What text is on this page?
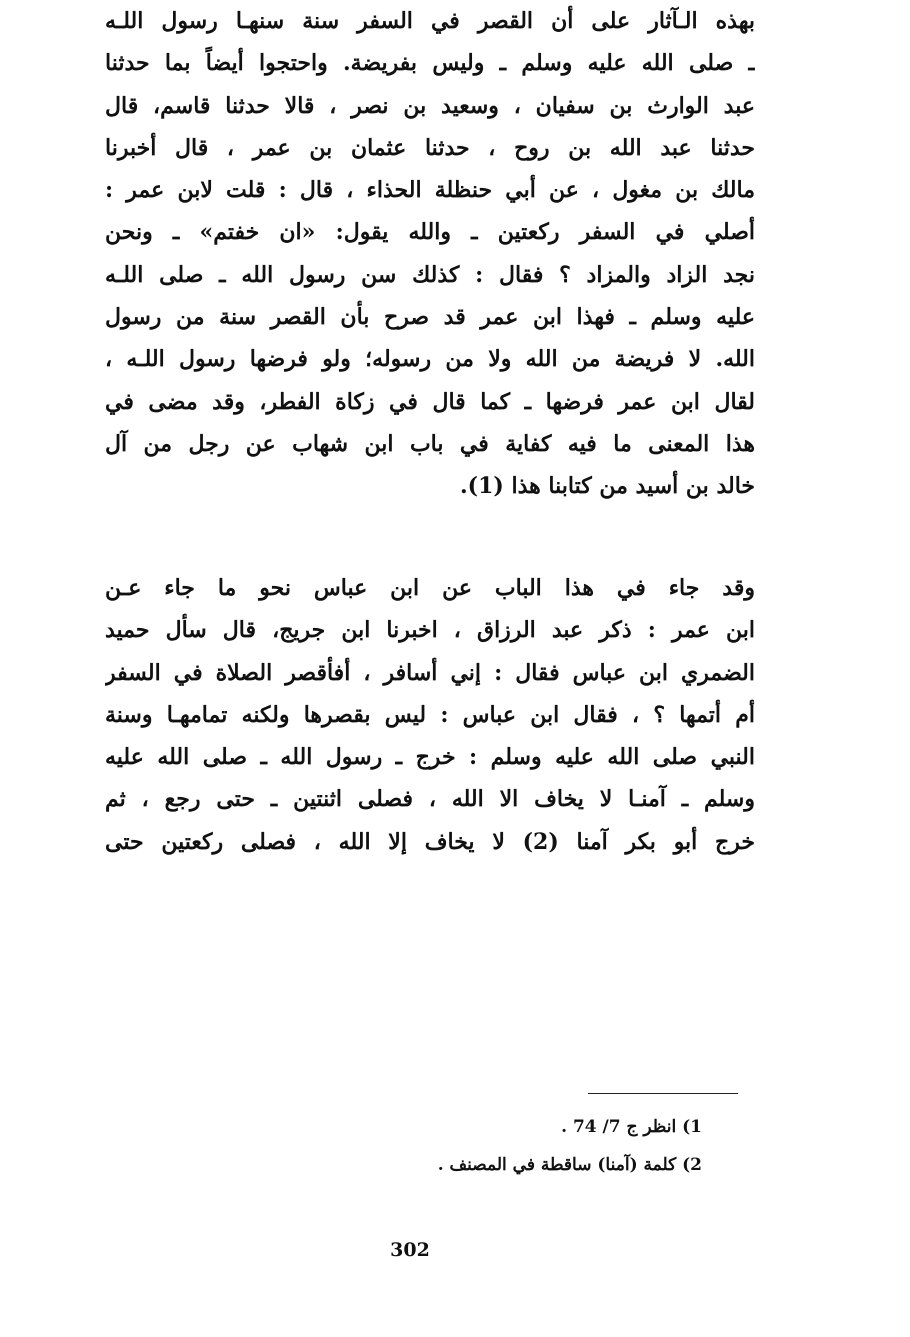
بهذه الـآثار على أن القصر في السفر سنة سنهـا رسول اللـه
ـ صلى الله عليه وسلم ـ وليس بفريضة. واحتجوا أيضاً بما حدثنا
عبد الوارث بن سفيان ، وسعيد بن نصر ، قالا حدثنا قاسم، قال
حدثنا عبد الله بن روح ، حدثنا عثمان بن عمر ، قال أخبرنا
مالك بن مغول ، عن أبي حنظلة الحذاء ، قال : قلت لابن عمر :
أصلي في السفر ركعتين ـ والله يقول: «ان خفتم» ـ ونحن
نجد الزاد والمزاد ؟ فقال : كذلك سن رسول الله ـ صلى اللـه
عليه وسلم ـ فهذا ابن عمر قد صرح بأن القصر سنة من رسول
الله. لا فريضة من الله ولا من رسوله؛ ولو فرضها رسول اللـه ،
لقال ابن عمر فرضها ـ كما قال في زكاة الفطر، وقد مضى في
هذا المعنى ما فيه كفاية في باب ابن شهاب عن رجل من آل
خالد بن أسيد من كتابنا هذا (1).
وقد جاء في هذا الباب عن ابن عباس نحو ما جاء عـن
ابن عمر : ذكر عبد الرزاق ، اخبرنا ابن جريج، قال سأل حميد
الضمري ابن عباس فقال : إني أسافر ، أفأقصر الصلاة في السفر
أم أتمها ؟ ، فقال ابن عباس : ليس بقصرها ولكنه تمامهـا وسنة
النبي صلى الله عليه وسلم : خرج ـ رسول الله ـ صلى الله عليه
وسلم ـ آمنـا لا يخاف الا الله ، فصلى اثنتين ـ حتى رجع ، ثم
خرج أبو بكر آمنا (2) لا يخاف إلا الله ، فصلى ركعتين حتى
1) انظر ج 7/ 74 .
2) كلمة (آمنا) ساقطة في المصنف .
302
